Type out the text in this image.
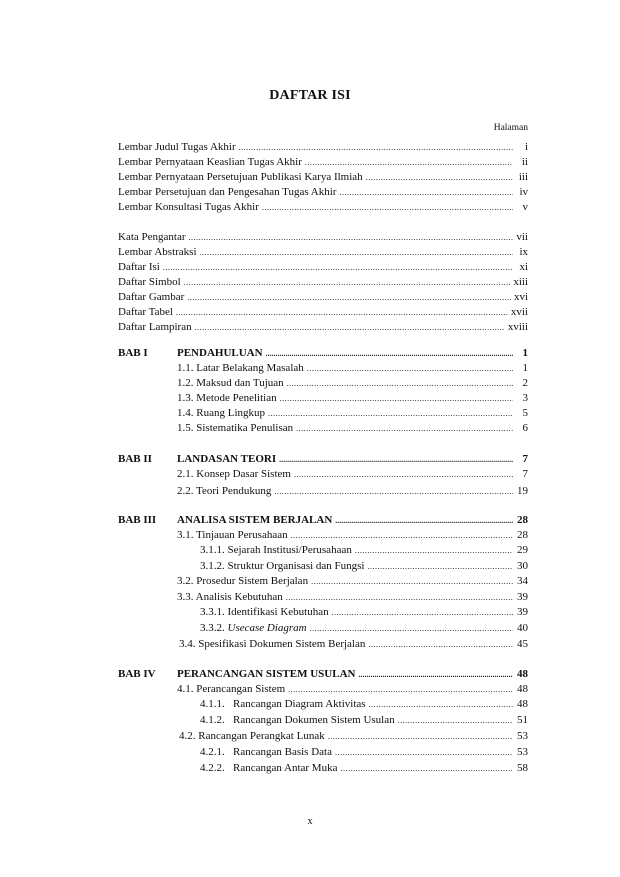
DAFTAR ISI
Halaman
Lembar Judul Tugas Akhir .....	i
Lembar Pernyataan Keaslian Tugas Akhir .....	ii
Lembar Pernyataan Persetujuan Publikasi Karya Ilmiah .....	iii
Lembar Persetujuan dan Pengesahan Tugas Akhir .....	iv
Lembar Konsultasi Tugas Akhir .....	v
Kata Pengantar .....	vii
Lembar Abstraksi .....	ix
Daftar Isi .....	xi
Daftar Simbol .....	xiii
Daftar Gambar .....	xvi
Daftar Tabel .....	xvii
Daftar Lampiran .....	xviii
BAB I	PENDAHULUAN .....	1
1.1. Latar Belakang Masalah .....	1
1.2. Maksud dan Tujuan .....	2
1.3. Metode Penelitian .....	3
1.4. Ruang Lingkup .....	5
1.5. Sistematika Penulisan .....	6
BAB II LANDASAN TEORI .....	7
2.1. Konsep Dasar Sistem .....	7
2.2. Teori Pendukung .....	19
BAB III ANALISA SISTEM BERJALAN .....	28
3.1. Tinjauan Perusahaan .....	28
3.1.1. Sejarah Institusi/Perusahaan .....	29
3.1.2. Struktur Organisasi dan Fungsi .....	30
3.2. Prosedur Sistem Berjalan .....	34
3.3. Analisis Kebutuhan .....	39
3.3.1. Identifikasi Kebutuhan .....	39
3.3.2. Usecase Diagram .....	40
3.4. Spesifikasi Dokumen Sistem Berjalan .....	45
BAB IV PERANCANGAN SISTEM USULAN .....	48
4.1. Perancangan Sistem .....	48
4.1.1.   Rancangan Diagram Aktivitas .....	48
4.1.2.   Rancangan Dokumen Sistem Usulan .....	51
4.2. Rancangan Perangkat Lunak .....	53
4.2.1.   Rancangan Basis Data .....	53
4.2.2.   Rancangan Antar Muka .....	58
x
